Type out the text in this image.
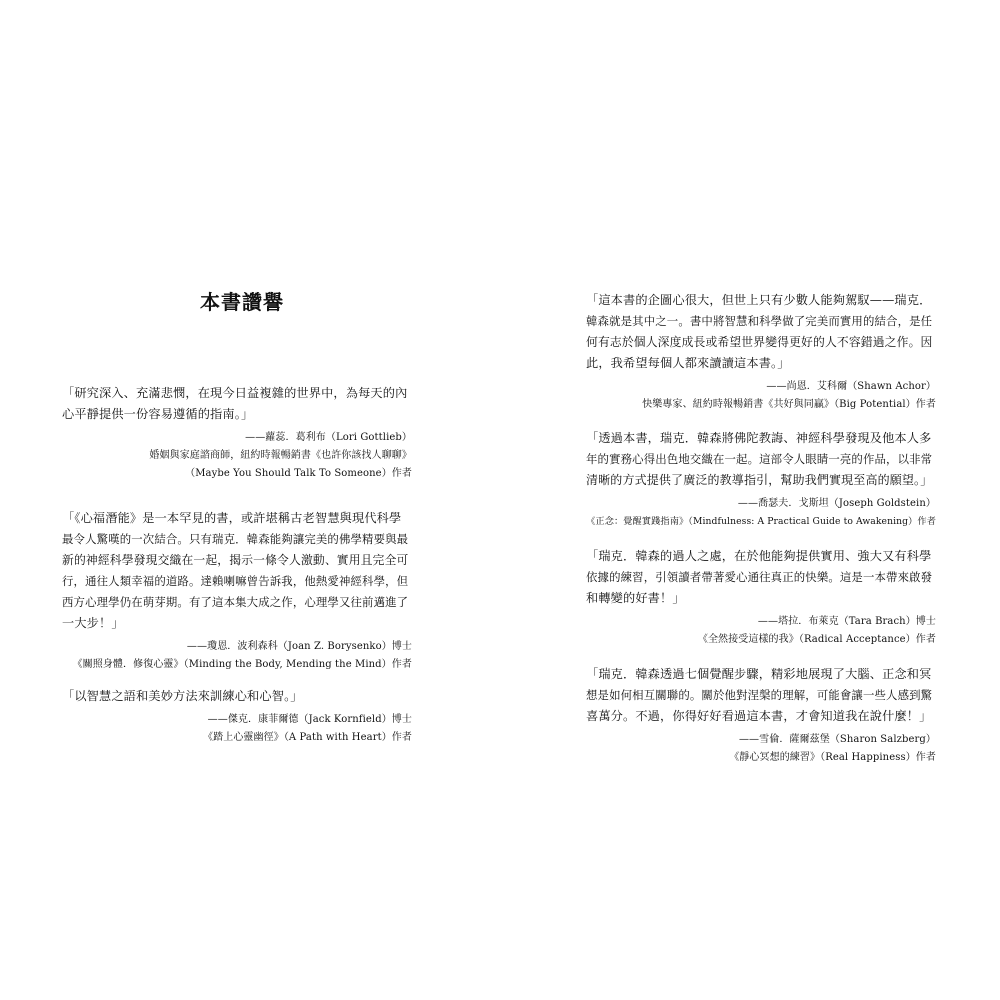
本書讚譽
「研究深入、充滿悲憫，在現今日益複雜的世界中，為每天的內
心平靜提供一份容易遵循的指南。」
——蘿蕊．葛利布（Lori Gottlieb）
婚姻與家庭諮商師，紐約時報暢銷書《也許你該找人聊聊》
（Maybe You Should Talk To Someone）作者
「《心福潛能》是一本罕見的書，或許堪稱古老智慧與現代科學
最令人驚嘆的一次結合。只有瑞克．韓森能夠讓完美的佛學精要與最
新的神經科學發現交織在一起，揭示一條令人激動、實用且完全可
行，通往人類幸福的道路。達賴喇嘛曾告訴我，他熱愛神經科學，但
西方心理學仍在萌芽期。有了這本集大成之作，心理學又往前邁進了
一大步！」
——瓊恩．波利森科（Joan Z. Borysenko）博士
《關照身體．修復心靈》（Minding the Body, Mending the Mind）作者
「以智慧之語和美妙方法來訓練心和心智。」
——傑克．康菲爾德（Jack Kornfield）博士
《踏上心靈幽徑》（A Path with Heart）作者
「這本書的企圖心很大，但世上只有少數人能夠駕馭——瑞克．
韓森就是其中之一。書中將智慧和科學做了完美而實用的結合，是任
何有志於個人深度成長或希望世界變得更好的人不容錯過之作。因
此，我希望每個人都來讀讀這本書。」
——尚恩．艾科爾（Shawn Achor）
快樂專家、紐約時報暢銷書《共好與同贏》（Big Potential）作者
「透過本書，瑞克．韓森將佛陀教誨、神經科學發現及他本人多
年的實務心得出色地交織在一起。這部令人眼睛一亮的作品，以非常
清晰的方式提供了廣泛的教導指引，幫助我們實現至高的願望。」
——喬瑟夫．戈斯坦（Joseph Goldstein）
《正念：覺醒實踐指南》（Mindfulness: A Practical Guide to Awakening）作者
「瑞克．韓森的過人之處，在於他能夠提供實用、強大又有科學
依據的練習，引領讀者帶著愛心通往真正的快樂。這是一本帶來啟發
和轉變的好書！」
——塔拉．布萊克（Tara Brach）博士
《全然接受這樣的我》（Radical Acceptance）作者
「瑞克．韓森透過七個覺醒步驟，精彩地展現了大腦、正念和冥
想是如何相互關聯的。關於他對涅槃的理解，可能會讓一些人感到驚
喜萬分。不過，你得好好看過這本書，才會知道我在說什麼！」
——雪倫．薩爾茲堡（Sharon Salzberg）
《靜心冥想的練習》（Real Happiness）作者
